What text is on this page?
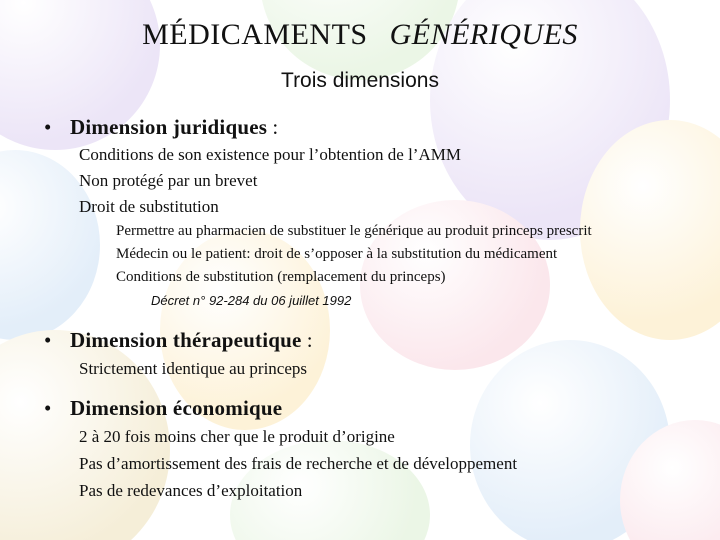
MÉDICAMENTS GÉNÉRIQUES
Trois dimensions
• Dimension juridiques :
Conditions de son existence pour l’obtention de l’AMM
Non protégé par un brevet
Droit de substitution
Permettre au pharmacien de substituer le générique au produit princeps prescrit
Médecin ou le patient: droit de s’opposer à la substitution du médicament
Conditions de substitution (remplacement du princeps)
Décret n° 92-284 du 06 juillet 1992
• Dimension thérapeutique :
Strictement identique au princeps
• Dimension économique
2 à 20 fois moins cher que le produit d’origine
Pas d’amortissement des frais de recherche et de développement
Pas de redevances d’exploitation
